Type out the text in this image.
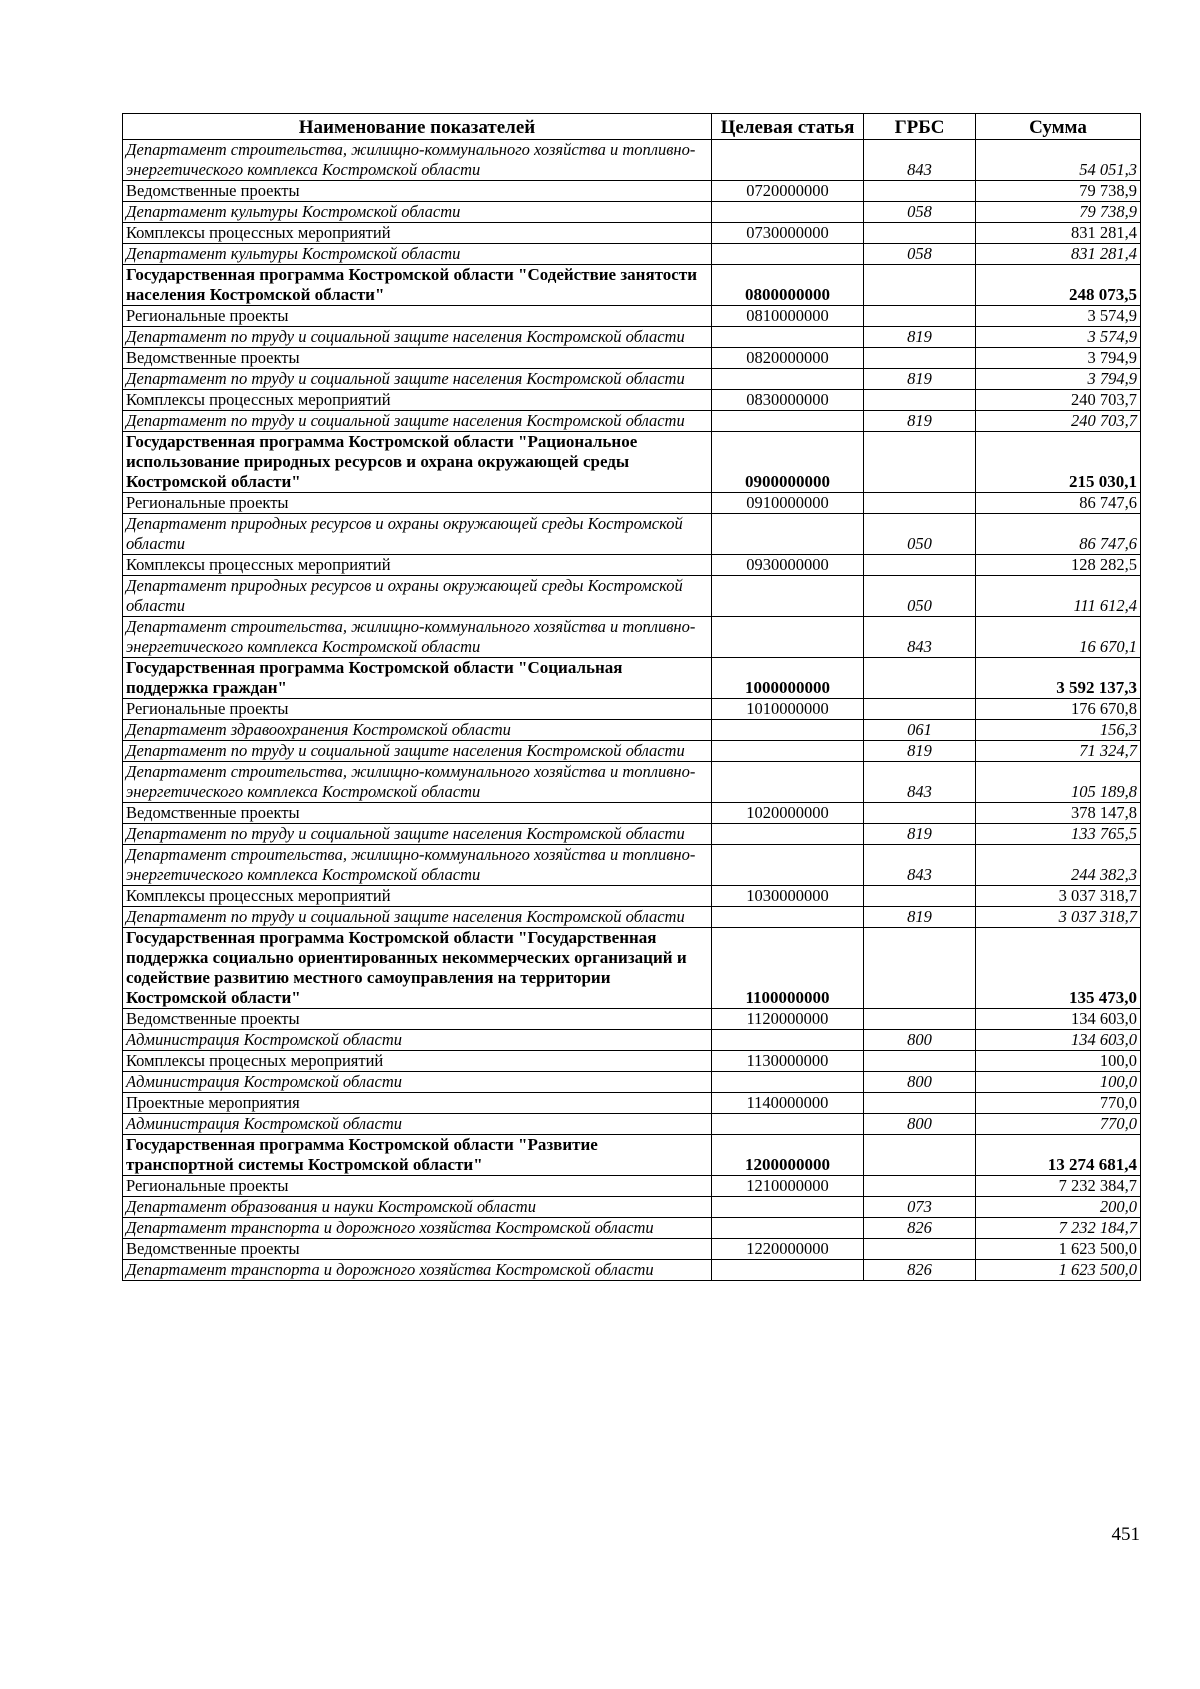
Наименование показателей	Целевая статья	ГРБС	Сумма
Департамент строительства, жилищно-коммунального хозяйства и топливно-энергетического комплекса Костромской области		843	54 051,3
Ведомственные проекты	0720000000		79 738,9
Департамент культуры Костромской области		058	79 738,9
Комплексы процессных мероприятий	0730000000		831 281,4
Департамент культуры Костромской области		058	831 281,4
Государственная программа Костромской области "Содействие занятости населения Костромской области"	0800000000		248 073,5
Региональные проекты	0810000000		3 574,9
Департамент по труду и социальной защите населения Костромской области		819	3 574,9
Ведомственные проекты	0820000000		3 794,9
Департамент по труду и социальной защите населения Костромской области		819	3 794,9
Комплексы процессных мероприятий	0830000000		240 703,7
Департамент по труду и социальной защите населения Костромской области		819	240 703,7
Государственная программа Костромской области "Рациональное использование природных ресурсов и охрана окружающей среды Костромской области"	0900000000		215 030,1
Региональные проекты	0910000000		86 747,6
Департамент природных ресурсов и охраны окружающей среды Костромской области		050	86 747,6
Комплексы процессных мероприятий	0930000000		128 282,5
Департамент природных ресурсов и охраны окружающей среды Костромской области		050	111 612,4
Департамент строительства, жилищно-коммунального хозяйства и топливно-энергетического комплекса Костромской области		843	16 670,1
Государственная программа Костромской области "Социальная поддержка граждан"	1000000000		3 592 137,3
Региональные проекты	1010000000		176 670,8
Департамент здравоохранения Костромской области		061	156,3
Департамент по труду и социальной защите населения Костромской области		819	71 324,7
Департамент строительства, жилищно-коммунального хозяйства и топливно-энергетического комплекса Костромской области		843	105 189,8
Ведомственные проекты	1020000000		378 147,8
Департамент по труду и социальной защите населения Костромской области		819	133 765,5
Департамент строительства, жилищно-коммунального хозяйства и топливно-энергетического комплекса Костромской области		843	244 382,3
Комплексы процессных мероприятий	1030000000		3 037 318,7
Департамент по труду и социальной защите населения Костромской области		819	3 037 318,7
Государственная программа Костромской области "Государственная поддержка социально ориентированных некоммерческих организаций и содействие развитию местного самоуправления на территории Костромской области"	1100000000		135 473,0
Ведомственные проекты	1120000000		134 603,0
Администрация Костромской области		800	134 603,0
Комплексы процесных мероприятий	1130000000		100,0
Администрация Костромской области		800	100,0
Проектные мероприятия	1140000000		770,0
Администрация Костромской области		800	770,0
Государственная программа Костромской области "Развитие транспортной системы Костромской области"	1200000000		13 274 681,4
Региональные проекты	1210000000		7 232 384,7
Департамент образования и науки Костромской области		073	200,0
Департамент транспорта и дорожного хозяйства Костромской области		826	7 232 184,7
Ведомственные проекты	1220000000		1 623 500,0
Департамент транспорта и дорожного хозяйства Костромской области		826	1 623 500,0
451
